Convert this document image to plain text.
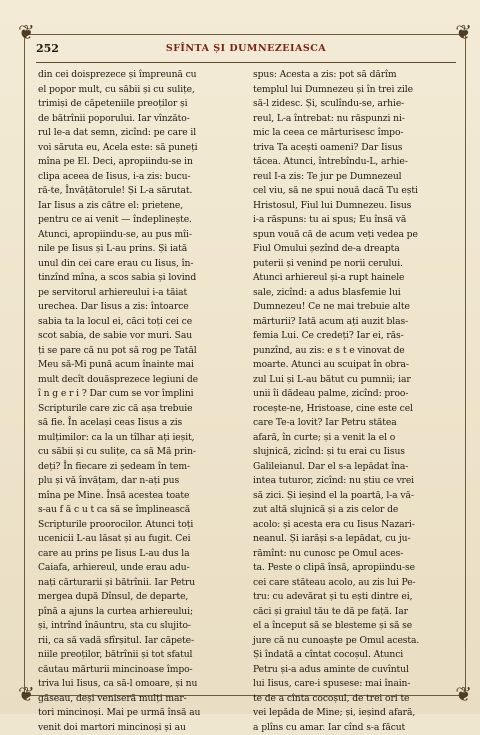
❦	❦
❦	❦
252	SFÎNTA ȘI DUMNEZEIASCA
din cei doisprezece și împreună cu
el popor mult, cu săbii și cu sulițe,
trimiși de căpeteniile preoților și
de bătrînii poporului. Iar vînzăto-
rul le-a dat semn, zicînd: pe care il
voi săruta eu, Acela este: să puneți
mîna pe El. Deci, apropiindu-se in
clipa aceea de Iisus, i-a zis: bucu-
ră-te, Învățătorule! Și L-a sărutat.
Iar Iisus a zis către el: prietene,
pentru ce ai venit — îndeplinește.
Atunci, apropiindu-se, au pus mîi-
nile pe Iisus și L-au prins. Și iată
unul din cei care erau cu Iisus, în-
tinzînd mîna, a scos sabia și lovind
pe servitorul arhiereului i-a tăiat
urechea. Dar Iisus a zis: întoarce
sabia ta la locul ei, căci toți cei ce
scot sabia, de sabie vor muri. Sau
ți se pare că nu pot să rog pe Tatăl
Meu să-Mi pună acum înainte mai
mult decît douăsprezece legiuni de
î n g e r i ? Dar cum se vor împlini
Scripturile care zic că așa trebuie
să fie. În același ceas Iisus a zis
mulțimilor: ca la un tîlhar ați ieșit,
cu săbii și cu sulițe, ca să Mă prin-
deți? În fiecare zi ședeam în tem-
plu și vă învățam, dar n-ați pus
mîna pe Mine. Însă acestea toate
s-au f ă c u t ca să se împlinească
Scripturile proorocilor. Atunci toți
ucenicii L-au lăsat și au fugit. Cei
care au prins pe Iisus L-au dus la
Caiafa, arhiereul, unde erau adu-
nați cărturarii și bătrînii. Iar Petru
mergea după Dînsul, de departe,
pînă a ajuns la curtea arhiereului;
și, intrînd înăuntru, sta cu slujito-
rii, ca să vadă sfîrșitul. Iar căpete-
niile preoților, bătrînii și tot sfatul
căutau mărturii mincinoase împo-
triva lui Iisus, ca să-l omoare, și nu
găseau, deși veniseră mulți mar-
tori mincinoși. Mai pe urmă însă au
venit doi martori mincinoși și au
spus: Acesta a zis: pot să dărîm
templul lui Dumnezeu și în trei zile
să-l zidesc. Și, sculîndu-se, arhie-
reul, L-a întrebat: nu răspunzi ni-
mic la ceea ce mărturisesc împo-
triva Ta acești oameni? Dar Iisus
tăcea. Atunci, întrebîndu-L, arhie-
reul I-a zis: Te jur pe Dumnezeul
cel viu, să ne spui nouă dacă Tu ești
Hristosul, Fiul lui Dumnezeu. Iisus
i-a răspuns: tu ai spus; Eu însă vă
spun vouă că de acum veți vedea pe
Fiul Omului șezînd de-a dreapta
puterii și venind pe norii cerului.
Atunci arhiereul și-a rupt hainele
sale, zicînd: a adus blasfemie lui
Dumnezeu! Ce ne mai trebuie alte
mărturii? Iată acum ați auzit blas-
femia Lui. Ce credeți? Iar ei, răs-
punzînd, au zis: e s t e vinovat de
moarte. Atunci au scuipat în obra-
zul Lui și L-au bătut cu pumnii; iar
unii îi dădeau palme, zicînd: proo-
rocește-ne, Hristoase, cine este cel
care Te-a lovit? Iar Petru stătea
afară, în curte; și a venit la el o
slujnică, zicînd: și tu erai cu Iisus
Galileianul. Dar el s-a lepădat îna-
intea tuturor, zicînd: nu știu ce vrei
să zici. Și ieșind el la poartă, l-a vă-
zut altă slujnică și a zis celor de
acolo: și acesta era cu Iisus Nazari-
neanul. Și iarăși s-a lepădat, cu ju-
rămînt: nu cunosc pe Omul aces-
ta. Peste o clipă însă, apropiindu-se
cei care stăteau acolo, au zis lui Pe-
tru: cu adevărat și tu ești dintre ei,
căci și graiul tău te dă pe față. Iar
el a început să se blesteme și să se
jure că nu cunoaște pe Omul acesta.
Și îndată a cîntat cocoșul. Atunci
Petru și-a adus aminte de cuvîntul
lui Iisus, care-i spusese: mai înain-
te de a cînta cocoșul, de trei ori te
vei lepăda de Mine; și, ieșind afară,
a plîns cu amar. Iar cînd s-a făcut
